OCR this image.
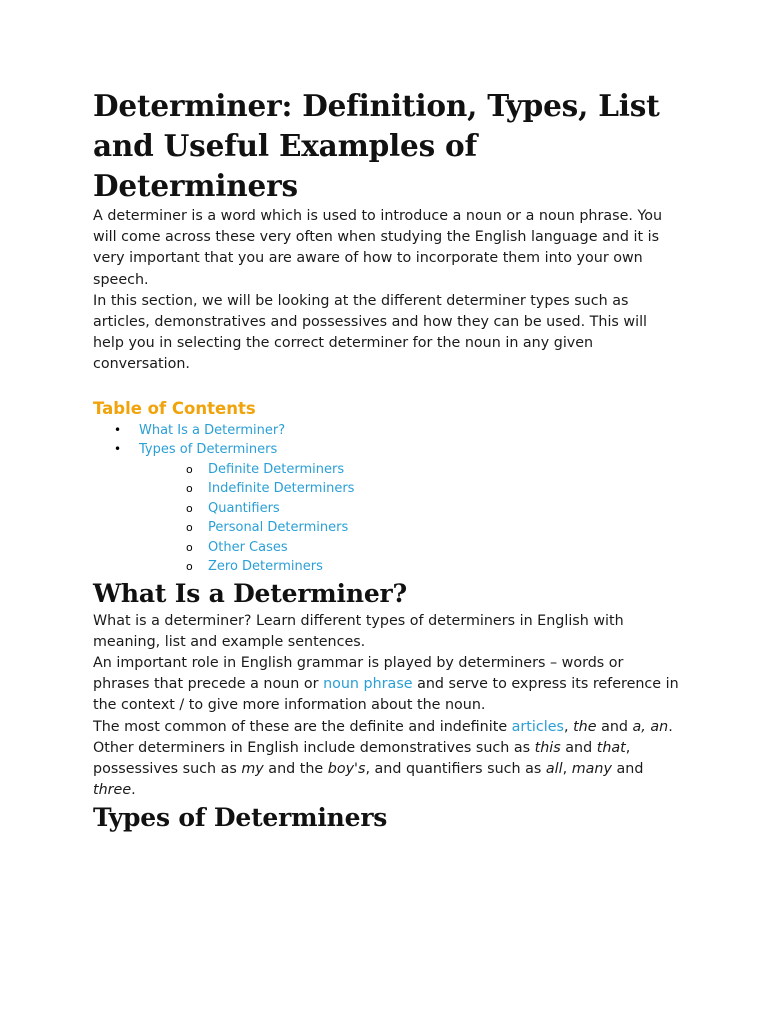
Determiner: Definition, Types, List and Useful Examples of Determiners

A determiner is a word which is used to introduce a noun or a noun phrase. You will come across these very often when studying the English language and it is very important that you are aware of how to incorporate them into your own speech.

In this section, we will be looking at the different determiner types such as articles, demonstratives and possessives and how they can be used. This will help you in selecting the correct determiner for the noun in any given conversation.

Table of Contents
• What Is a Determiner?
• Types of Determiners
o Definite Determiners
o Indefinite Determiners
o Quantifiers
o Personal Determiners
o Other Cases
o Zero Determiners
What Is a Determiner?

What is a determiner? Learn different types of determiners in English with meaning, list and example sentences.

An important role in English grammar is played by determiners – words or phrases that precede a noun or noun phrase and serve to express its reference in the context / to give more information about the noun.

The most common of these are the definite and indefinite articles, the and a, an. Other determiners in English include demonstratives such as this and that, possessives such as my and the boy's, and quantifiers such as all, many and three.

Types of Determiners
